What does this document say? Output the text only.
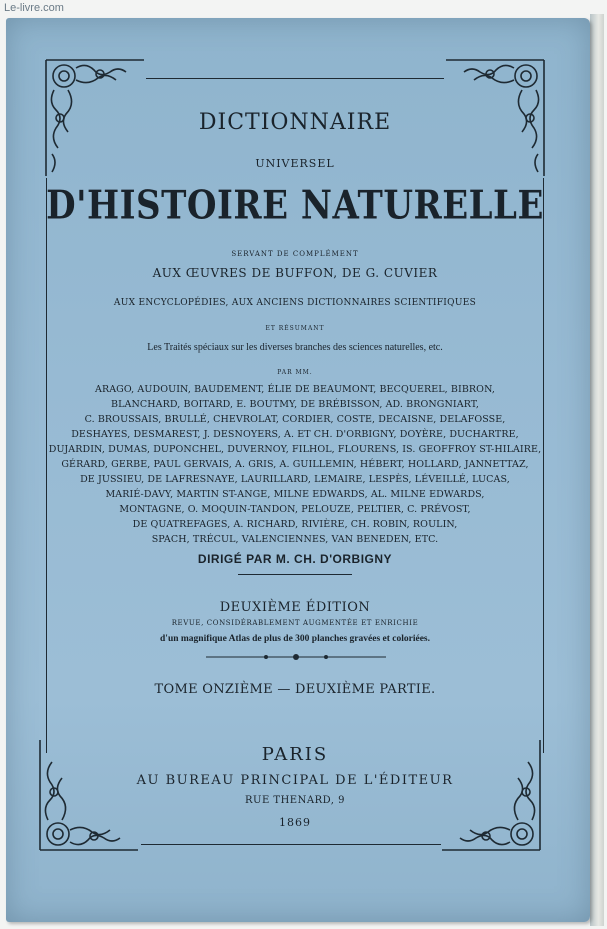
Le-livre.com
DICTIONNAIRE
UNIVERSEL
D'HISTOIRE NATURELLE
SERVANT DE COMPLÉMENT
AUX ŒUVRES DE BUFFON, DE G. CUVIER
AUX ENCYCLOPÉDIES, AUX ANCIENS DICTIONNAIRES SCIENTIFIQUES
ET RÉSUMANT
Les Traités spéciaux sur les diverses branches des sciences naturelles, etc.
PAR MM.
ARAGO, AUDOUIN, BAUDEMENT, ÉLIE DE BEAUMONT, BECQUEREL, BIBRON,
BLANCHARD, BOITARD, E. BOUTMY, DE BRÉBISSON, AD. BRONGNIART,
C. BROUSSAIS, BRULLÉ, CHEVROLAT, CORDIER, COSTE, DECAISNE, DELAFOSSE,
DESHAYES, DESMAREST, J. DESNOYERS, A. ET CH. D'ORBIGNY, DOYÈRE, DUCHARTRE,
DUJARDIN, DUMAS, DUPONCHEL, DUVERNOY, FILHOL, FLOURENS, IS. GEOFFROY ST-HILAIRE,
GÉRARD, GERBE, PAUL GERVAIS, A. GRIS, A. GUILLEMIN, HÉBERT, HOLLARD, JANNETTAZ,
DE JUSSIEU, DE LAFRESNAYE, LAURILLARD, LEMAIRE, LESPÈS, LÉVEILLÉ, LUCAS,
MARIÉ-DAVY, MARTIN ST-ANGE, MILNE EDWARDS, AL. MILNE EDWARDS,
MONTAGNE, O. MOQUIN-TANDON, PELOUZE, PELTIER, C. PRÉVOST,
DE QUATREFAGES, A. RICHARD, RIVIÈRE, CH. ROBIN, ROULIN,
SPACH, TRÉCUL, VALENCIENNES, VAN BENEDEN, ETC.
DIRIGÉ PAR M. CH. D'ORBIGNY
DEUXIÈME ÉDITION
REVUE, CONSIDÉRABLEMENT AUGMENTÉE ET ENRICHIE
d'un magnifique Atlas de plus de 300 planches gravées et coloriées.
TOME ONZIÈME — DEUXIÈME PARTIE.
PARIS
AU BUREAU PRINCIPAL DE L'ÉDITEUR
RUE THENARD, 9
1869
